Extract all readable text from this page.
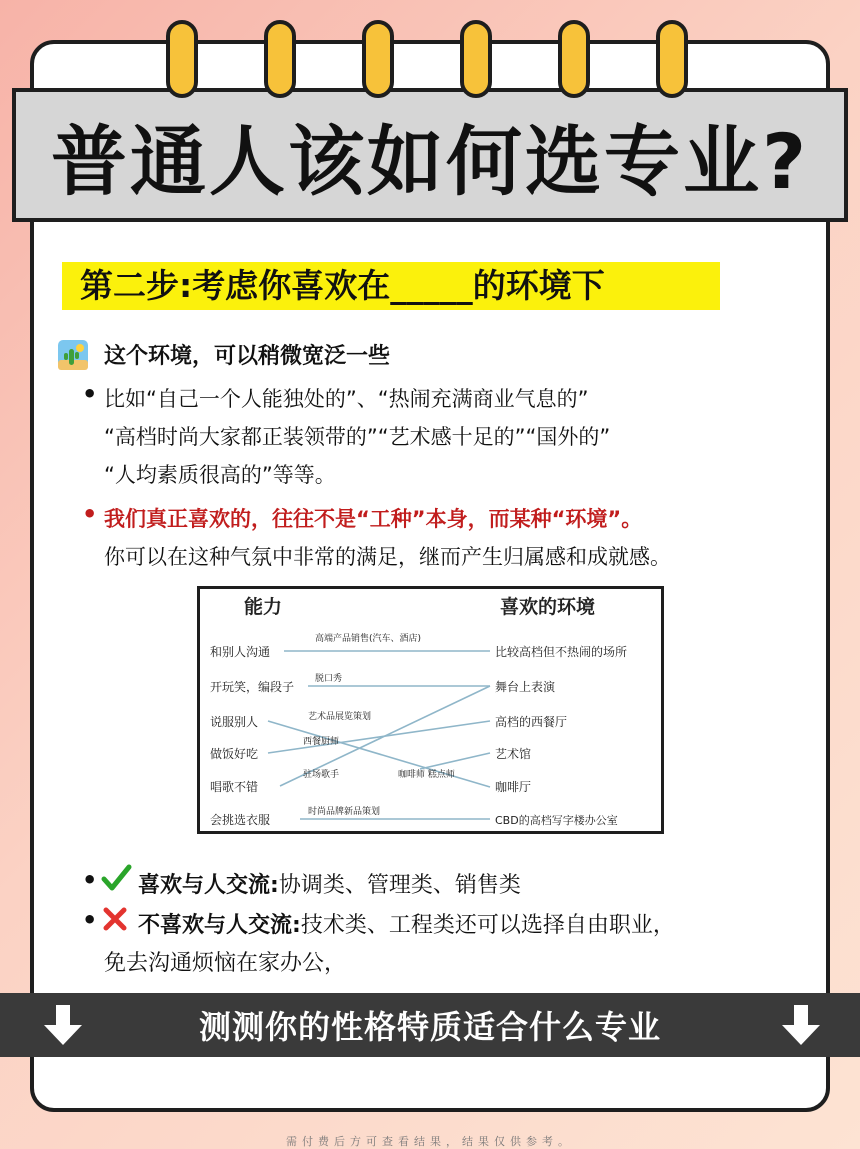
普通人该如何选专业?
第二步:考虑你喜欢在_____的环境下
这个环境，可以稍微宽泛一些
• 比如“自己一个人能独处的”、“热闹充满商业气息的”
“高档时尚大家都正装领带的”“艺术感十足的”“国外的”
“人均素质很高的”等等。
• 我们真正喜欢的，往往不是“工种”本身，而某种“环境”。
你可以在这种气氛中非常的满足，继而产生归属感和成就感。
能力	喜欢的环境
和别人沟通
开玩笑，编段子
说服别人
做饭好吃
唱歌不错
会挑选衣服
比较高档但不热闹的场所
舞台上表演
高档的西餐厅
艺术馆
咖啡厅
CBD的高档写字楼办公室
高端产品销售(汽车、酒店)
脱口秀
艺术品展览策划
西餐厨师
驻场歌手	咖啡师 糕点师
时尚品牌新品策划
• 喜欢与人交流:协调类、管理类、销售类
• 不喜欢与人交流:技术类、工程类还可以选择自由职业，
免去沟通烦恼在家办公，
测测你的性格特质适合什么专业
需付费后方可查看结果，结果仅供参考。
